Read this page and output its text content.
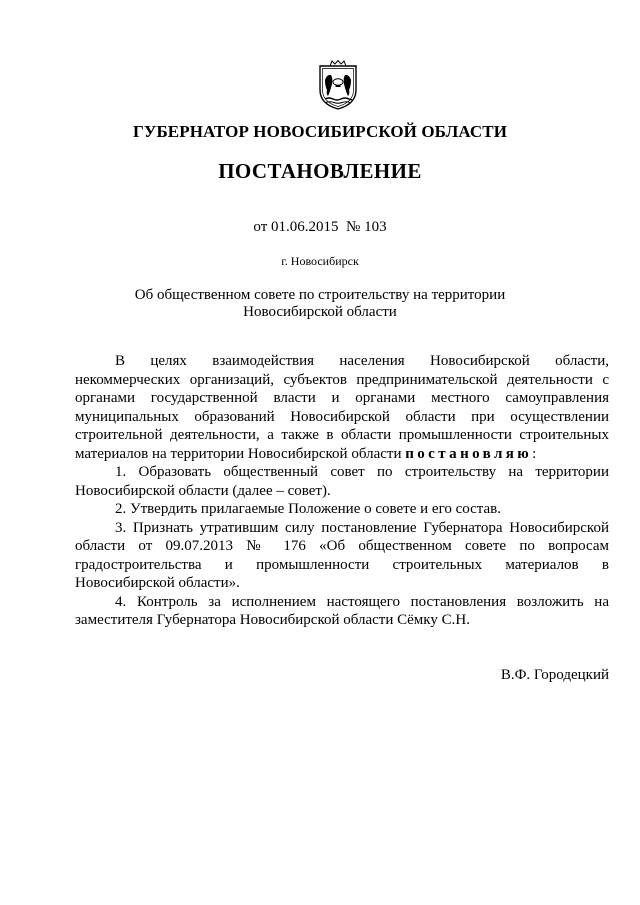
ГУБЕРНАТОР НОВОСИБИРСКОЙ ОБЛАСТИ
ПОСТАНОВЛЕНИЕ
от 01.06.2015  № 103
г. Новосибирск
Об общественном совете по строительству на территории
Новосибирской области

В целях взаимодействия населения Новосибирской области, некоммерческих организаций, субъектов предпринимательской деятельности с органами государственной власти и органами местного самоуправления муниципальных образований Новосибирской области при осуществлении строительной деятельности, а также в области промышленности строительных материалов на территории Новосибирской области постановляю:

1. Образовать общественный совет по строительству на территории Новосибирской области (далее – совет).

2. Утвердить прилагаемые Положение о совете и его состав.

3. Признать утратившим силу постановление Губернатора Новосибирской области от 09.07.2013 № 176 «Об общественном совете по вопросам градостроительства и промышленности строительных материалов в Новосибирской области».

4. Контроль за исполнением настоящего постановления возложить на заместителя Губернатора Новосибирской области Сёмку С.Н.

В.Ф. Городецкий
